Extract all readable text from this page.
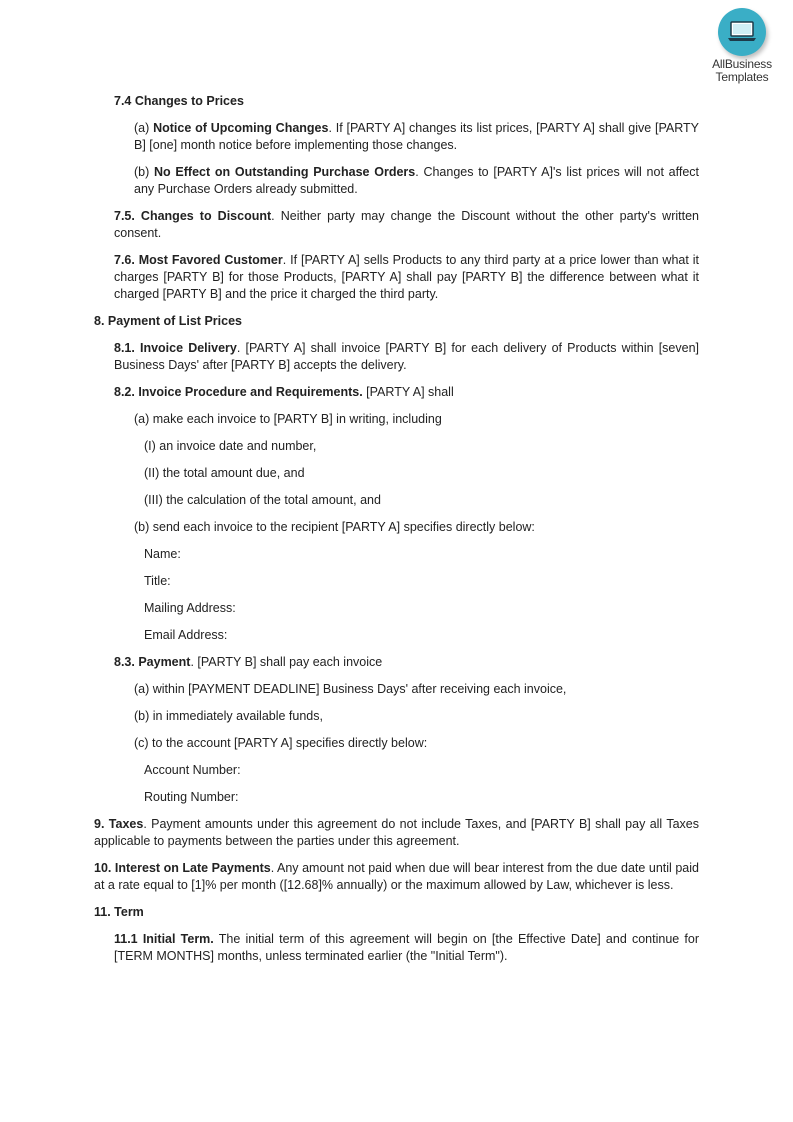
AllBusiness
Templates

7.4 Changes to Prices

(a) Notice of Upcoming Changes. If [PARTY A] changes its list prices, [PARTY A] shall give [PARTY B] [one] month notice before implementing those changes.

(b) No Effect on Outstanding Purchase Orders. Changes to [PARTY A]'s list prices will not affect any Purchase Orders already submitted.

7.5. Changes to Discount. Neither party may change the Discount without the other party's written consent.

7.6. Most Favored Customer. If [PARTY A] sells Products to any third party at a price lower than what it charges [PARTY B] for those Products, [PARTY A] shall pay [PARTY B] the difference between what it charged [PARTY B] and the price it charged the third party.

8. Payment of List Prices

8.1. Invoice Delivery. [PARTY A] shall invoice [PARTY B] for each delivery of Products within [seven] Business Days' after [PARTY B] accepts the delivery.

8.2. Invoice Procedure and Requirements. [PARTY A] shall

(a) make each invoice to [PARTY B] in writing, including

(I) an invoice date and number,

(II) the total amount due, and

(III) the calculation of the total amount, and

(b) send each invoice to the recipient [PARTY A] specifies directly below:

Name:

Title:

Mailing Address:

Email Address:

8.3. Payment. [PARTY B] shall pay each invoice

(a) within [PAYMENT DEADLINE] Business Days' after receiving each invoice,

(b) in immediately available funds,

(c) to the account [PARTY A] specifies directly below:

Account Number:

Routing Number:

9. Taxes. Payment amounts under this agreement do not include Taxes, and [PARTY B] shall pay all Taxes applicable to payments between the parties under this agreement.

10. Interest on Late Payments. Any amount not paid when due will bear interest from the due date until paid at a rate equal to [1]% per month ([12.68]% annually) or the maximum allowed by Law, whichever is less.

11. Term

11.1 Initial Term. The initial term of this agreement will begin on [the Effective Date] and continue for [TERM MONTHS] months, unless terminated earlier (the "Initial Term").
